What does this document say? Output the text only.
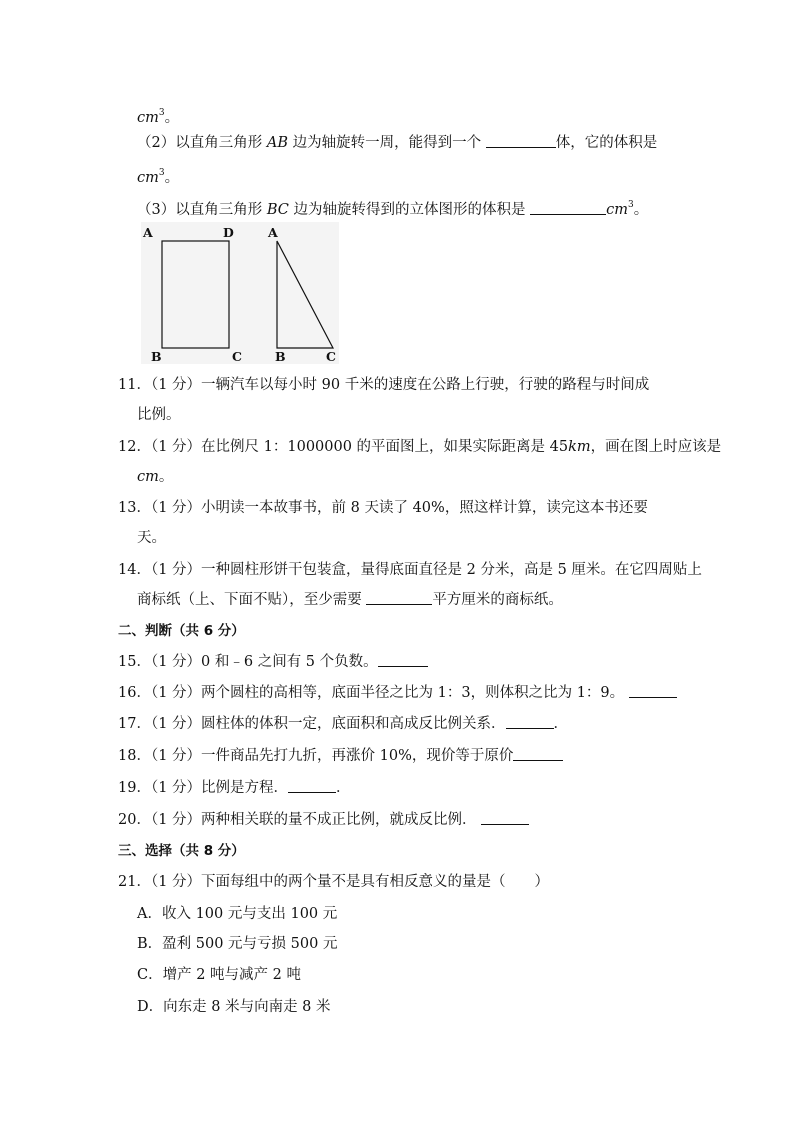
$cm^3$。
（2）以直角三角形 AB 边为轴旋转一周，能得到一个	体，它的体积是
$cm^3$。
（3）以直角三角形 BC 边为轴旋转得到的立体图形的体积是	$cm^3$。
A	D
B	C
A
B	C
11．（1 分）一辆汽车以每小时 90 千米的速度在公路上行驶，行驶的路程与时间成
比例。
12．（1 分）在比例尺 1：1000000 的平面图上，如果实际距离是 45km，画在图上时应该是
cm。
13．（1 分）小明读一本故事书，前 8 天读了 40%，照这样计算，读完这本书还要
天。
14．（1 分）一种圆柱形饼干包装盒，量得底面直径是 2 分米，高是 5 厘米。在它四周贴上
商标纸（上、下面不贴），至少需要	平方厘米的商标纸。
二、判断（共 6 分）
15．（1 分）0 和﹣6 之间有 5 个负数。
16．（1 分）两个圆柱的高相等，底面半径之比为 1：3，则体积之比为 1：9。
17．（1 分）圆柱体的体积一定，底面积和高成反比例关系．	．
18．（1 分）一件商品先打九折，再涨价 10%，现价等于原价
19．（1 分）比例是方程．	．
20．（1 分）两种相关联的量不成正比例，就成反比例．
三、选择（共 8 分）
21．（1 分）下面每组中的两个量不是具有相反意义的量是（　　）
A．收入 100 元与支出 100 元
B．盈利 500 元与亏损 500 元
C．增产 2 吨与减产 2 吨
D．向东走 8 米与向南走 8 米
